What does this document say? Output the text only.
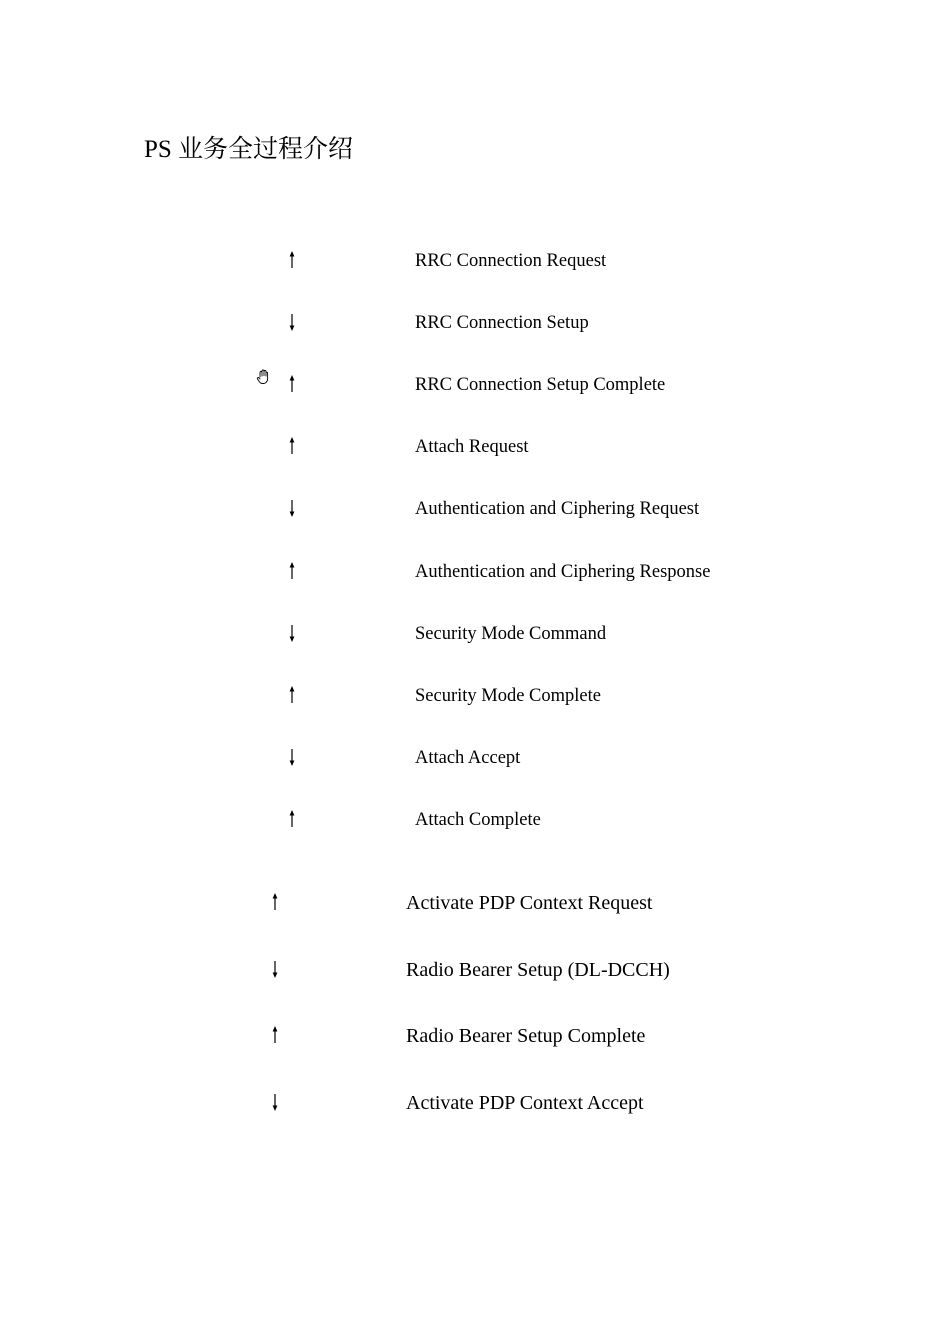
PS 业务全过程介绍
RRC Connection Request
RRC Connection Setup
RRC Connection Setup Complete
Attach Request
Authentication and Ciphering Request
Authentication and Ciphering Response
Security Mode Command
Security Mode Complete
Attach Accept
Attach Complete
Activate PDP Context Request
Radio Bearer Setup (DL-DCCH)
Radio Bearer Setup Complete
Activate PDP Context Accept
